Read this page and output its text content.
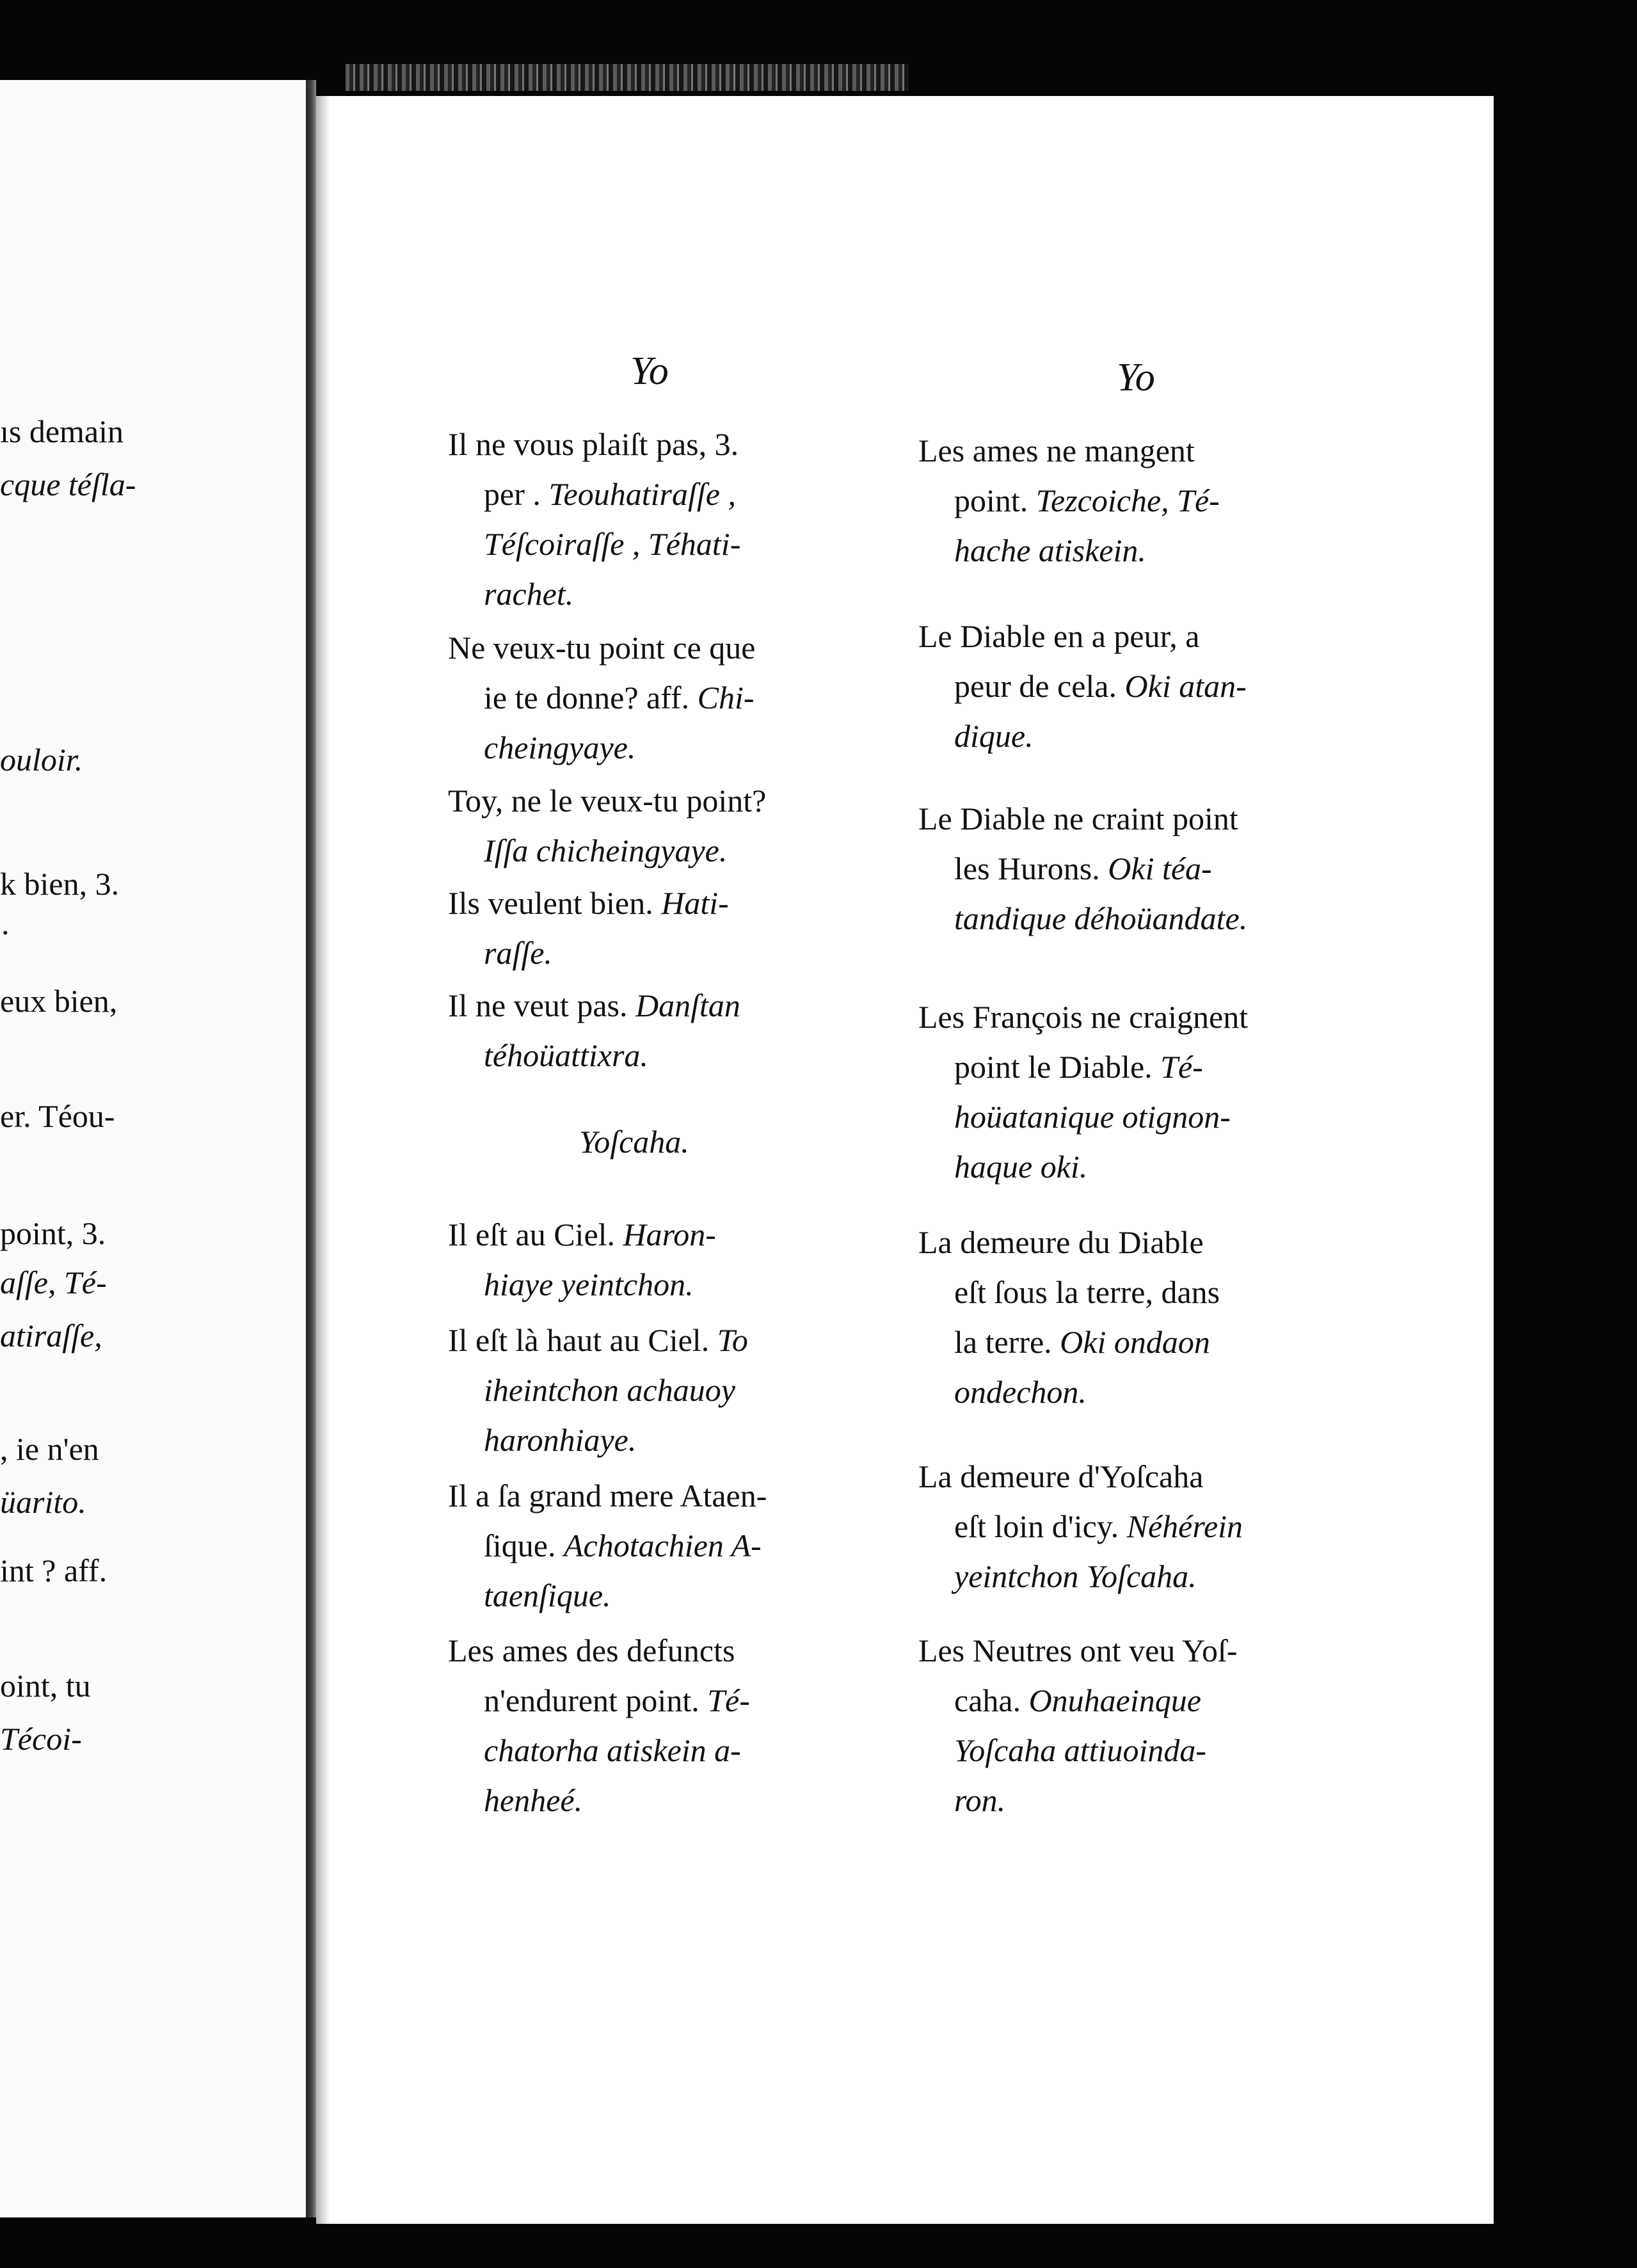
ıs demain
cque téſla-
ouloir.
k bien, 3.
·
eux bien,
er. Téou-
point, 3.
aſſe, Té-
atiraſſe,
, ie n'en
üarito.
int ? aff.
oint, tu
Técoi-
Yo	Yo
Yoſcaha.
Il ne vous plaiſt pas, 3.
per . Teouhatiraſſe ,
Téſcoiraſſe , Téhati-
rachet.
Ne veux-tu point ce que
ie te donne? aff. Chi-
cheingyaye.
Toy, ne le veux-tu point?
Iſſa chicheingyaye.
Ils veulent bien. Hati-
raſſe.
Il ne veut pas. Danſtan
téhoüattixra.
Il eſt au Ciel. Haron-
hiaye yeintchon.
Il eſt là haut au Ciel. To
iheintchon achauoy
haronhiaye.
Il a ſa grand mere Ataen-
ſique. Achotachien A-
taenſique.
Les ames des defuncts
n'endurent point. Té-
chatorha atiskein a-
henheé.
Les ames ne mangent
point. Tezcoiche, Té-
hache atiskein.
Le Diable en a peur, a
peur de cela. Oki atan-
dique.
Le Diable ne craint point
les Hurons. Oki téa-
tandique déhoüandate.
Les François ne craignent
point le Diable. Té-
hoüatanique otignon-
haque oki.
La demeure du Diable
eſt ſous la terre, dans
la terre. Oki ondaon
ondechon.
La demeure d'Yoſcaha
eſt loin d'icy. Néhérein
yeintchon Yoſcaha.
Les Neutres ont veu Yoſ-
caha. Onuhaeinque
Yoſcaha attiuoinda-
ron.
